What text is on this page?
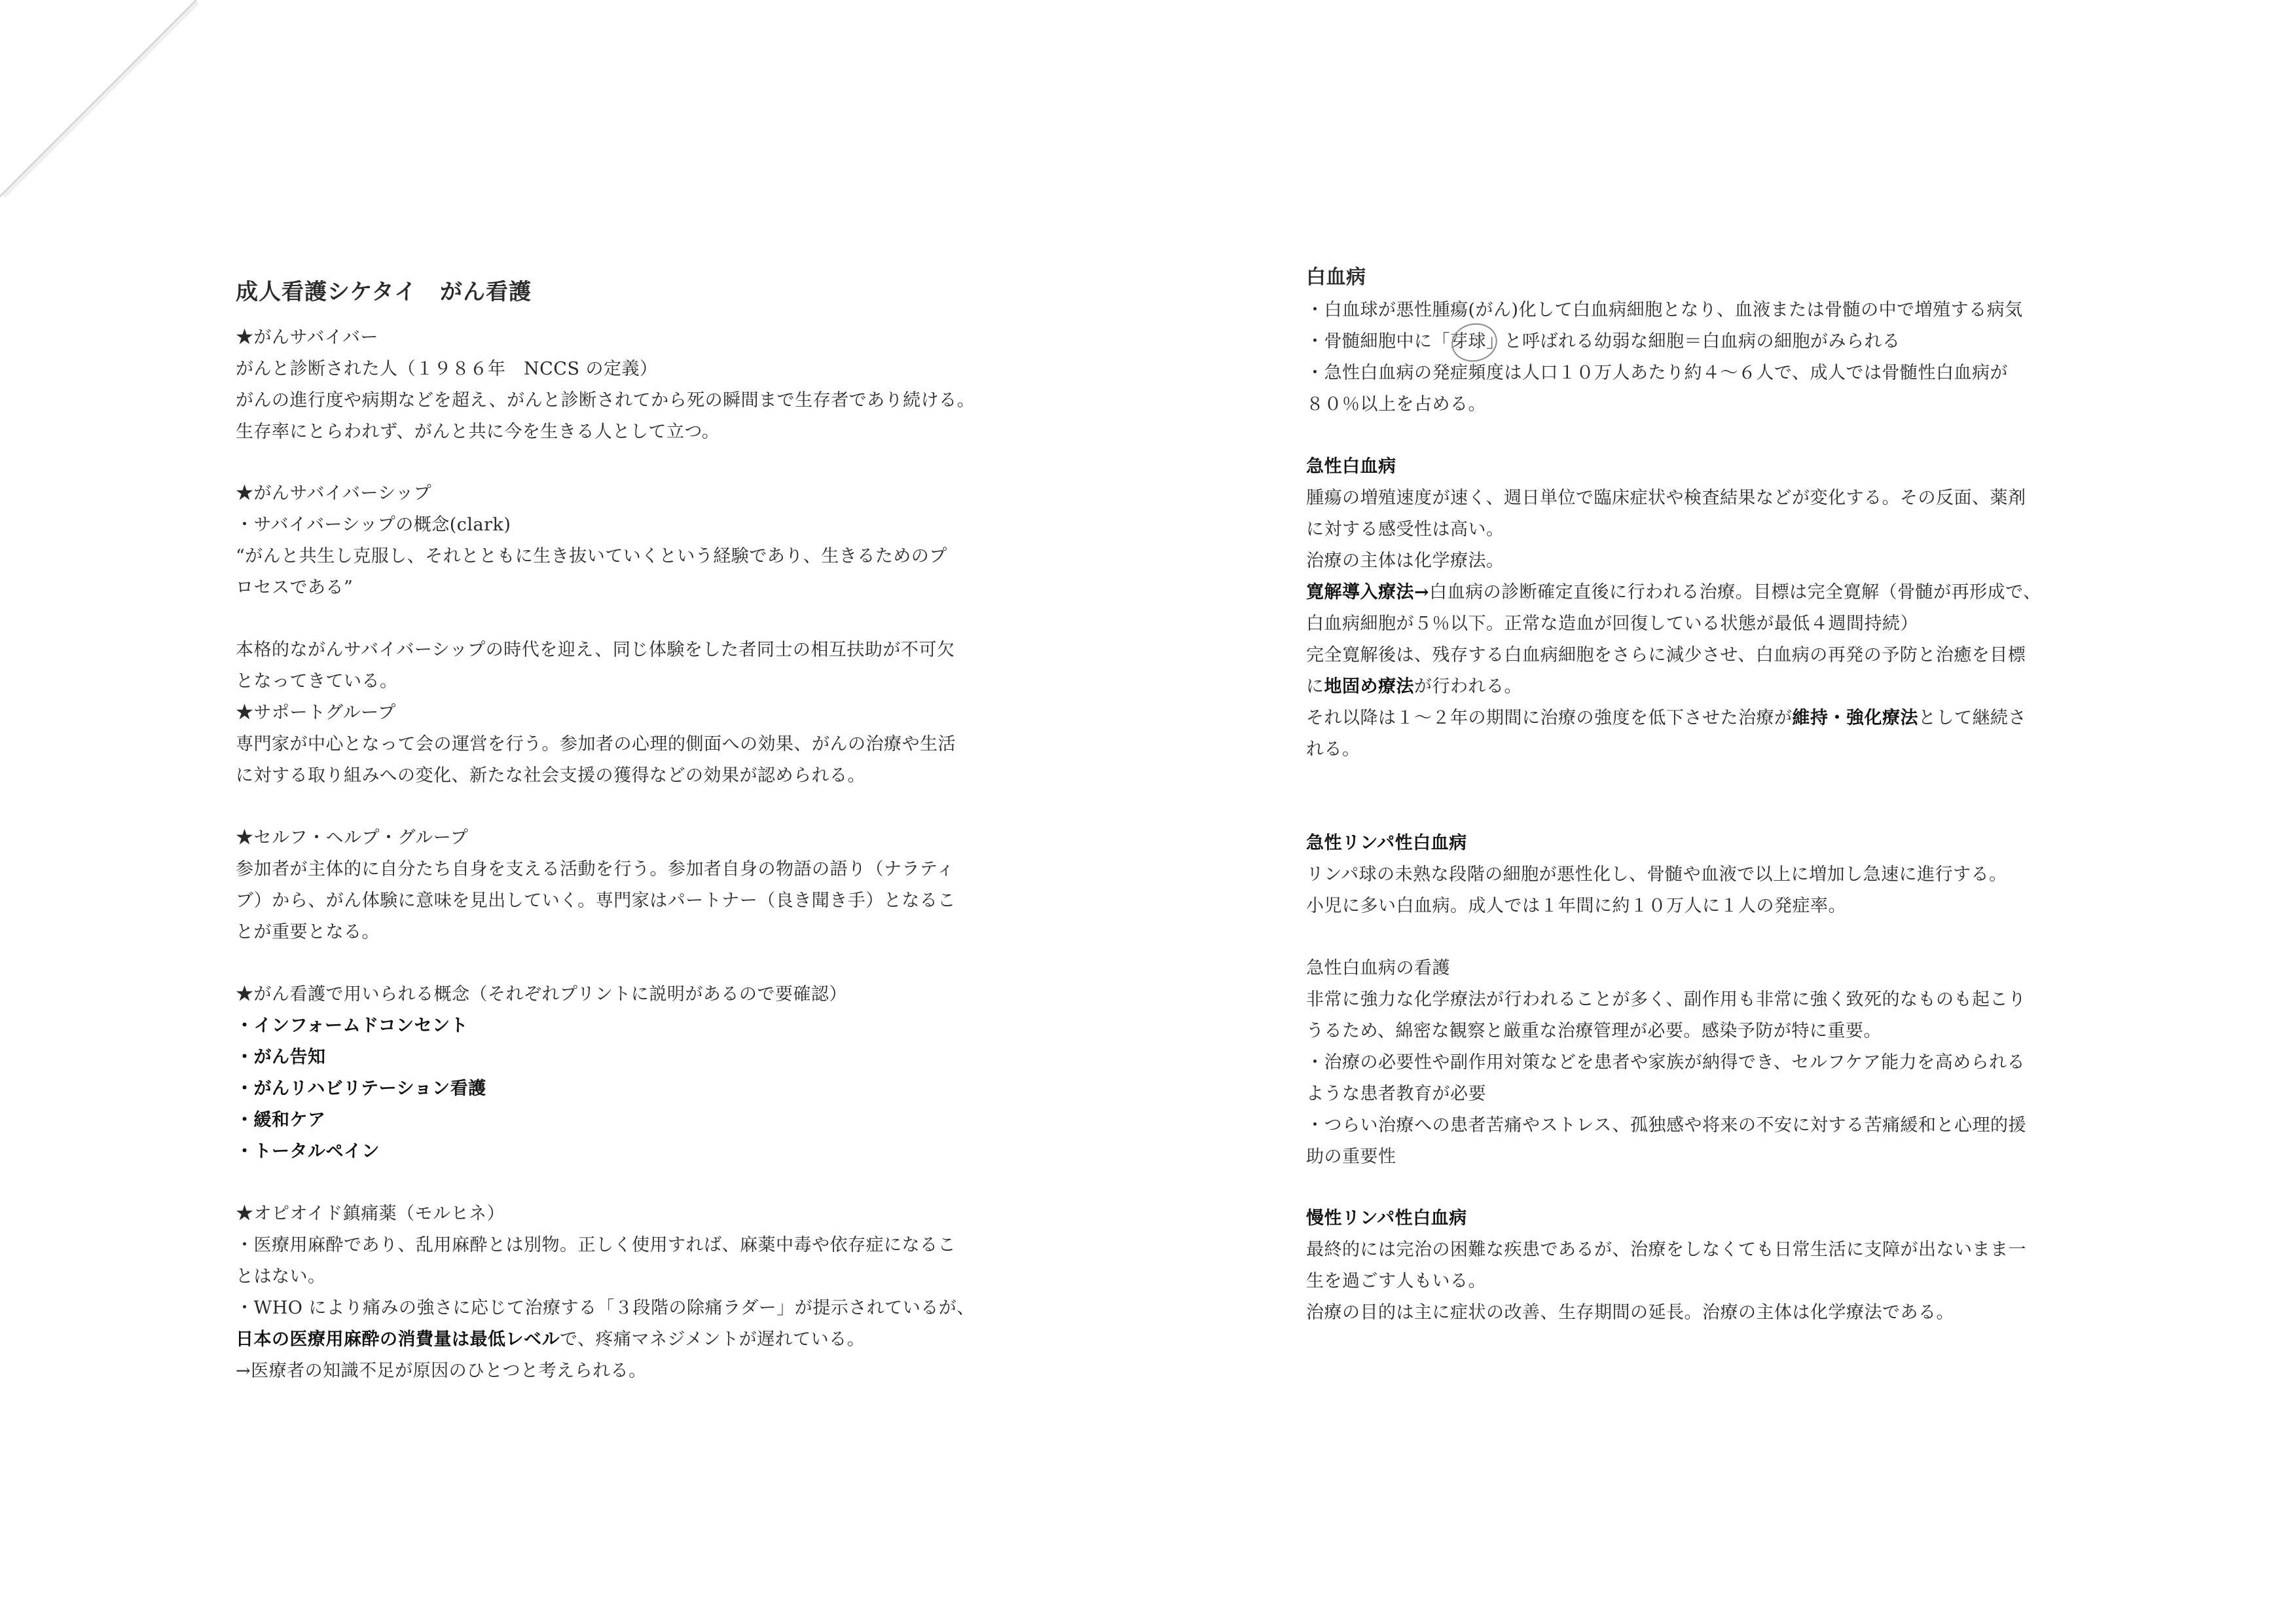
成人看護シケタイ　がん看護
★がんサバイバー
がんと診断された人（１９８６年　NCCS の定義）
がんの進行度や病期などを超え、がんと診断されてから死の瞬間まで生存者であり続ける。
生存率にとらわれず、がんと共に今を生きる人として立つ。
★がんサバイバーシップ
・サバイバーシップの概念(clark)
“がんと共生し克服し、それとともに生き抜いていくという経験であり、生きるためのプ
ロセスである”
本格的ながんサバイバーシップの時代を迎え、同じ体験をした者同士の相互扶助が不可欠
となってきている。
★サポートグループ
専門家が中心となって会の運営を行う。参加者の心理的側面への効果、がんの治療や生活
に対する取り組みへの変化、新たな社会支援の獲得などの効果が認められる。
★セルフ・ヘルプ・グループ
参加者が主体的に自分たち自身を支える活動を行う。参加者自身の物語の語り（ナラティ
ブ）から、がん体験に意味を見出していく。専門家はパートナー（良き聞き手）となるこ
とが重要となる。
★がん看護で用いられる概念（それぞれプリントに説明があるので要確認）
・インフォームドコンセント
・がん告知
・がんリハビリテーション看護
・緩和ケア
・トータルペイン
★オピオイド鎮痛薬（モルヒネ）
・医療用麻酔であり、乱用麻酔とは別物。正しく使用すれば、麻薬中毒や依存症になるこ
とはない。
・WHO により痛みの強さに応じて治療する「３段階の除痛ラダー」が提示されているが、
日本の医療用麻酔の消費量は最低レベルで、疼痛マネジメントが遅れている。
→医療者の知識不足が原因のひとつと考えられる。
白血病
・白血球が悪性腫瘍(がん)化して白血病細胞となり、血液または骨髄の中で増殖する病気
・骨髄細胞中に「芽球」と呼ばれる幼弱な細胞＝白血病の細胞がみられる
・急性白血病の発症頻度は人口１０万人あたり約４～６人で、成人では骨髄性白血病が
８０％以上を占める。
急性白血病
腫瘍の増殖速度が速く、週日単位で臨床症状や検査結果などが変化する。その反面、薬剤
に対する感受性は高い。
治療の主体は化学療法。
寛解導入療法→白血病の診断確定直後に行われる治療。目標は完全寛解（骨髄が再形成で、
白血病細胞が５％以下。正常な造血が回復している状態が最低４週間持続）
完全寛解後は、残存する白血病細胞をさらに減少させ、白血病の再発の予防と治癒を目標
に地固め療法が行われる。
それ以降は１～２年の期間に治療の強度を低下させた治療が維持・強化療法として継続さ
れる。
急性リンパ性白血病
リンパ球の未熟な段階の細胞が悪性化し、骨髄や血液で以上に増加し急速に進行する。
小児に多い白血病。成人では１年間に約１０万人に１人の発症率。
急性白血病の看護
非常に強力な化学療法が行われることが多く、副作用も非常に強く致死的なものも起こり
うるため、綿密な観察と厳重な治療管理が必要。感染予防が特に重要。
・治療の必要性や副作用対策などを患者や家族が納得でき、セルフケア能力を高められる
ような患者教育が必要
・つらい治療への患者苦痛やストレス、孤独感や将来の不安に対する苦痛緩和と心理的援
助の重要性
慢性リンパ性白血病
最終的には完治の困難な疾患であるが、治療をしなくても日常生活に支障が出ないまま一
生を過ごす人もいる。
治療の目的は主に症状の改善、生存期間の延長。治療の主体は化学療法である。
